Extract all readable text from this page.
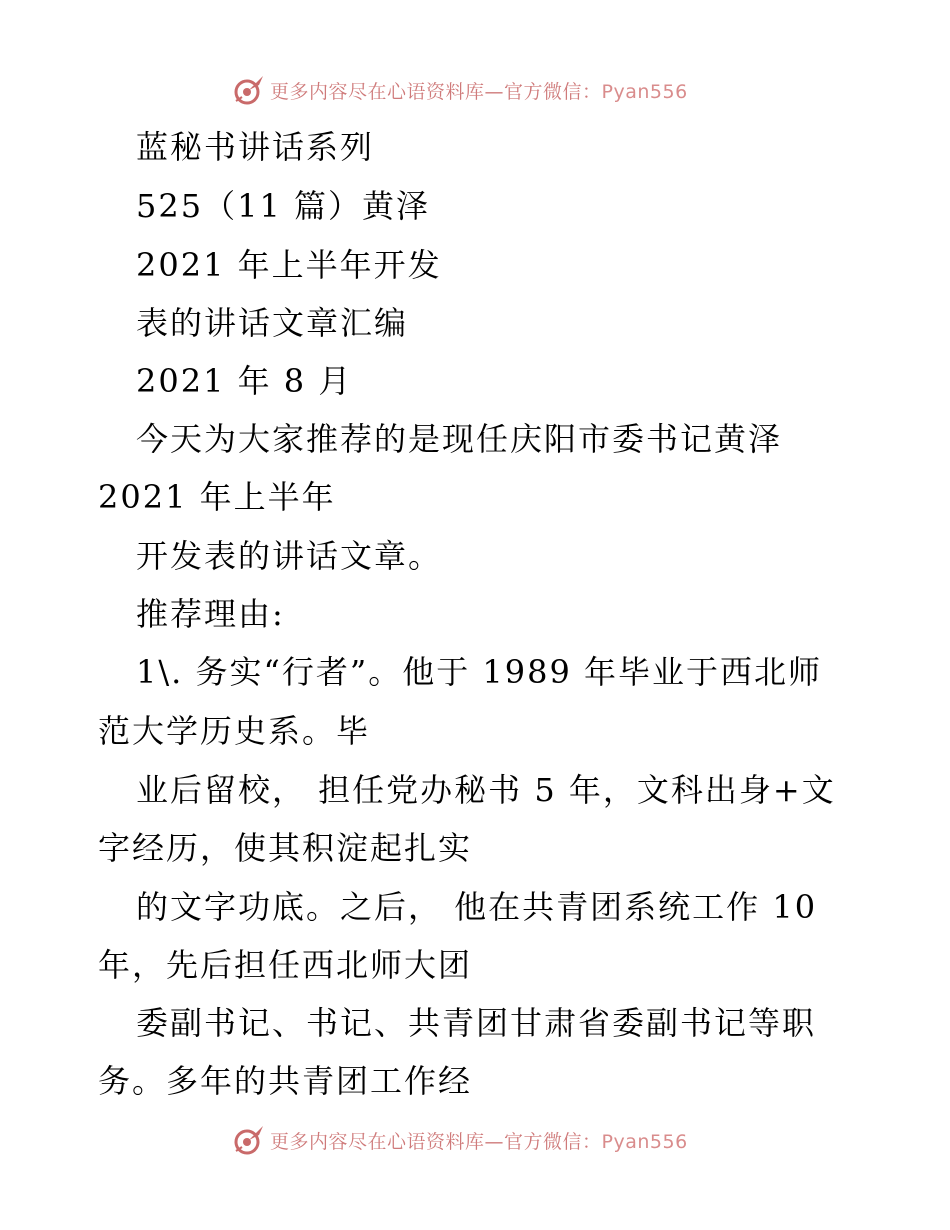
更多内容尽在心语资料库—官方微信：Pyan556
蓝秘书讲话系列
525（11 篇）黄泽
2021 年上半年开发
表的讲话文章汇编
2021 年 8 月
今天为大家推荐的是现任庆阳市委书记黄泽
2021 年上半年
开发表的讲话文章。
推荐理由:
1\. 务实“行者”。他于 1989 年毕业于西北师
范大学历史系。毕
业后留校， 担任党办秘书 5 年，文科出身+文
字经历，使其积淀起扎实
的文字功底。之后， 他在共青团系统工作 10
年，先后担任西北师大团
委副书记、书记、共青团甘肃省委副书记等职
务。多年的共青团工作经
更多内容尽在心语资料库—官方微信：Pyan556
